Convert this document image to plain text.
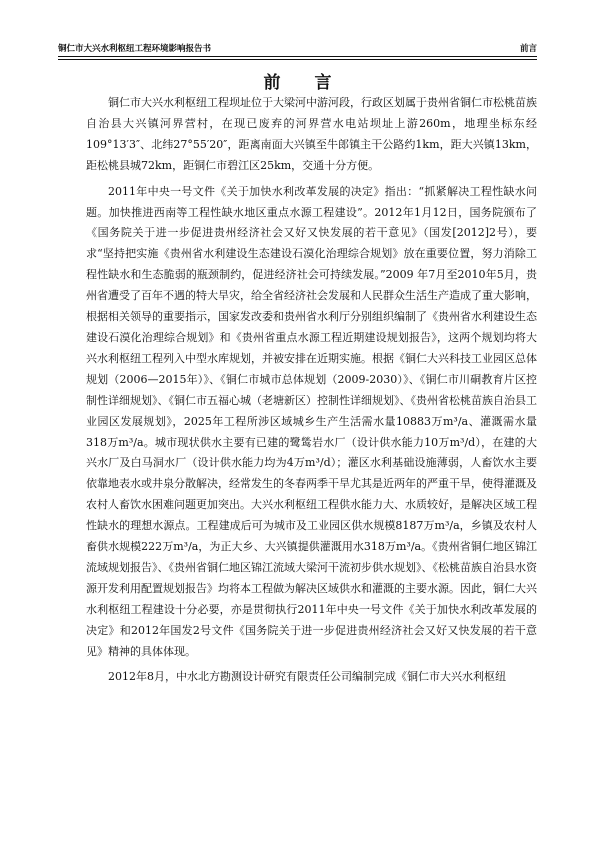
铜仁市大兴水利枢纽工程环境影响报告书	前言
前 言

铜仁市大兴水利枢纽工程坝址位于大梁河中游河段，行政区划属于贵州省铜仁市松桃苗族自治县大兴镇河界营村，在现已废弃的河界营水电站坝址上游260m，地理坐标东经109°13′3″、北纬27°55′20″，距离南面大兴镇至牛郎镇主干公路约1km，距大兴镇13km，距松桃县城72km，距铜仁市碧江区25km，交通十分方便。

2011年中央一号文件《关于加快水利改革发展的决定》指出：“抓紧解决工程性缺水问题。加快推进西南等工程性缺水地区重点水源工程建设”。2012年1月12日，国务院颁布了《国务院关于进一步促进贵州经济社会又好又快发展的若干意见》（国发[2012]2号），要求“坚持把实施《贵州省水利建设生态建设石漠化治理综合规划》放在重要位置，努力消除工程性缺水和生态脆弱的瓶颈制约，促进经济社会可持续发展。”2009 年7月至2010年5月，贵州省遭受了百年不遇的特大旱灾，给全省经济社会发展和人民群众生活生产造成了重大影响，根据相关领导的重要指示，国家发改委和贵州省水利厅分别组织编制了《贵州省水利建设生态建设石漠化治理综合规划》和《贵州省重点水源工程近期建设规划报告》，这两个规划均将大兴水利枢纽工程列入中型水库规划，并被安排在近期实施。根据《铜仁大兴科技工业园区总体规划（2006—2015年）》、《铜仁市城市总体规划（2009-2030）》、《铜仁市川硐教育片区控制性详细规划》、《铜仁市五福心城（老塘新区）控制性详细规划》、《贵州省松桃苗族自治县工业园区发展规划》，2025年工程所涉区域城乡生产生活需水量10883万m³/a、灌溉需水量318万m³/a。城市现状供水主要有已建的鹭鸶岩水厂（设计供水能力10万m³/d），在建的大兴水厂及白马洞水厂（设计供水能力均为4万m³/d）；灌区水利基础设施薄弱，人畜饮水主要依靠地表水或井泉分散解决，经常发生的冬春两季干旱尤其是近两年的严重干旱，使得灌溉及农村人畜饮水困难问题更加突出。大兴水利枢纽工程供水能力大、水质较好，是解决区域工程性缺水的理想水源点。工程建成后可为城市及工业园区供水规模8187万m³/a，乡镇及农村人畜供水规模222万m³/a，为正大乡、大兴镇提供灌溉用水318万m³/a。《贵州省铜仁地区锦江流域规划报告》、《贵州省铜仁地区锦江流域大梁河干流初步供水规划》、《松桃苗族自治县水资源开发利用配置规划报告》均将本工程做为解决区域供水和灌溉的主要水源。因此，铜仁大兴水利枢纽工程建设十分必要，亦是贯彻执行2011年中央一号文件《关于加快水利改革发展的决定》和2012年国发2号文件《国务院关于进一步促进贵州经济社会又好又快发展的若干意见》精神的具体体现。

2012年8月，中水北方勘测设计研究有限责任公司编制完成《铜仁市大兴水利枢纽
